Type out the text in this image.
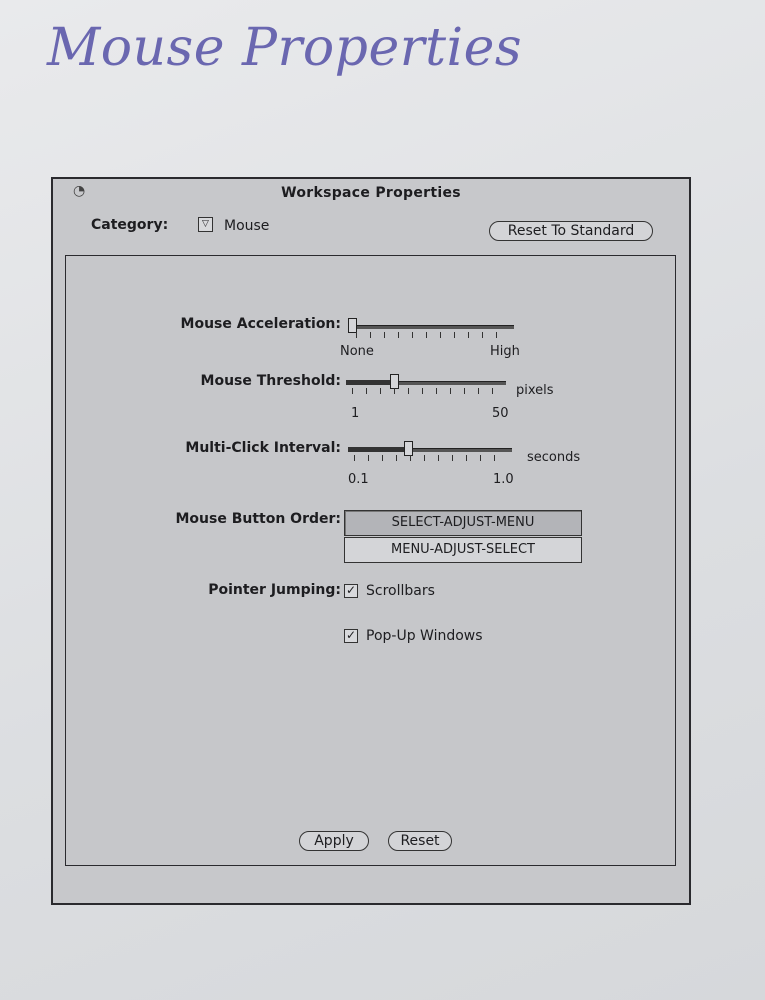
Mouse Properties
◔	Workspace Properties
Category:	▽ Mouse	Reset To Standard
Mouse Acceleration:
None	High
Mouse Threshold:
pixels
1	50
Multi-Click Interval:
seconds
0.1	1.0
Mouse Button Order:	SELECT-ADJUST-MENU
MENU-ADJUST-SELECT
Pointer Jumping: ✓ Scrollbars
✓ Pop-Up Windows
Apply	Reset
